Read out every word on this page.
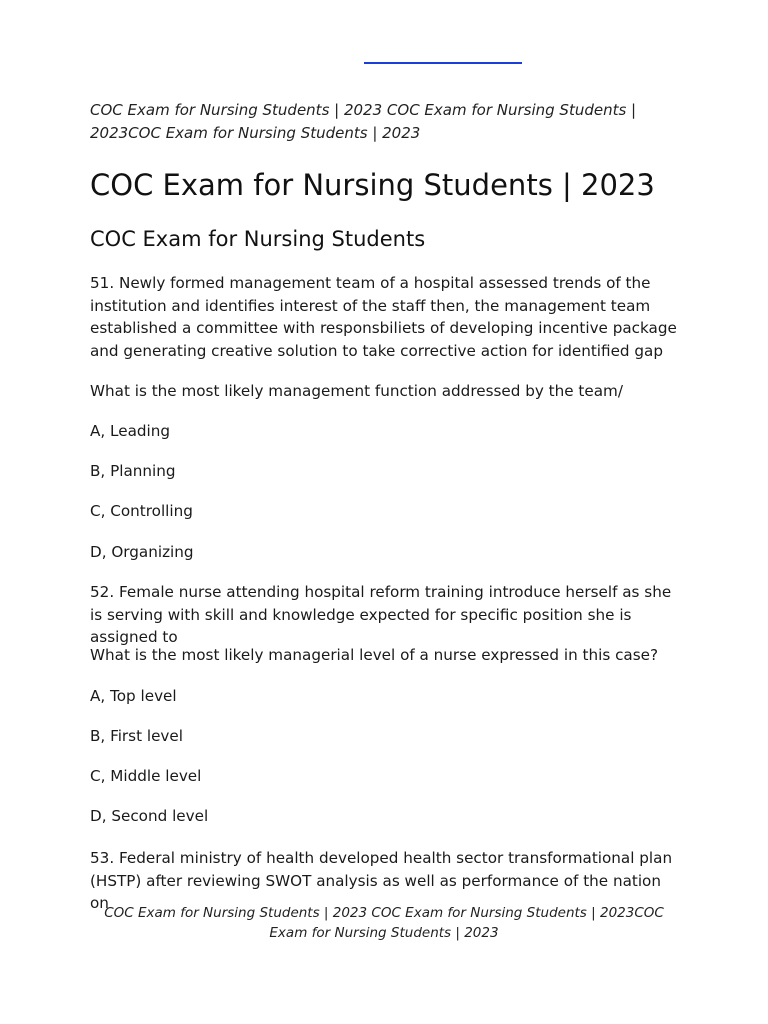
COC Exam for Nursing Students | 2023 COC Exam for Nursing Students | 2023COC Exam for Nursing Students | 2023
COC Exam for Nursing Students | 2023
COC Exam for Nursing Students

51. Newly formed management team of a hospital assessed trends of the institution and identifies interest of the staff then, the management team established a committee with responsbiliets of developing incentive package and generating creative solution to take corrective action for identified gap

What is the most likely management function addressed by the team/

A, Leading

B, Planning

C, Controlling

D, Organizing

52. Female nurse attending hospital reform training introduce herself as she is serving with skill and knowledge expected for specific position she is assigned to

What is the most likely managerial level of a nurse expressed in this case?

A, Top level

B, First level

C, Middle level

D, Second level

53. Federal ministry of health developed health sector transformational plan (HSTP) after reviewing SWOT analysis as well as performance of the nation on

COC Exam for Nursing Students | 2023 COC Exam for Nursing Students | 2023COC Exam for Nursing Students | 2023
